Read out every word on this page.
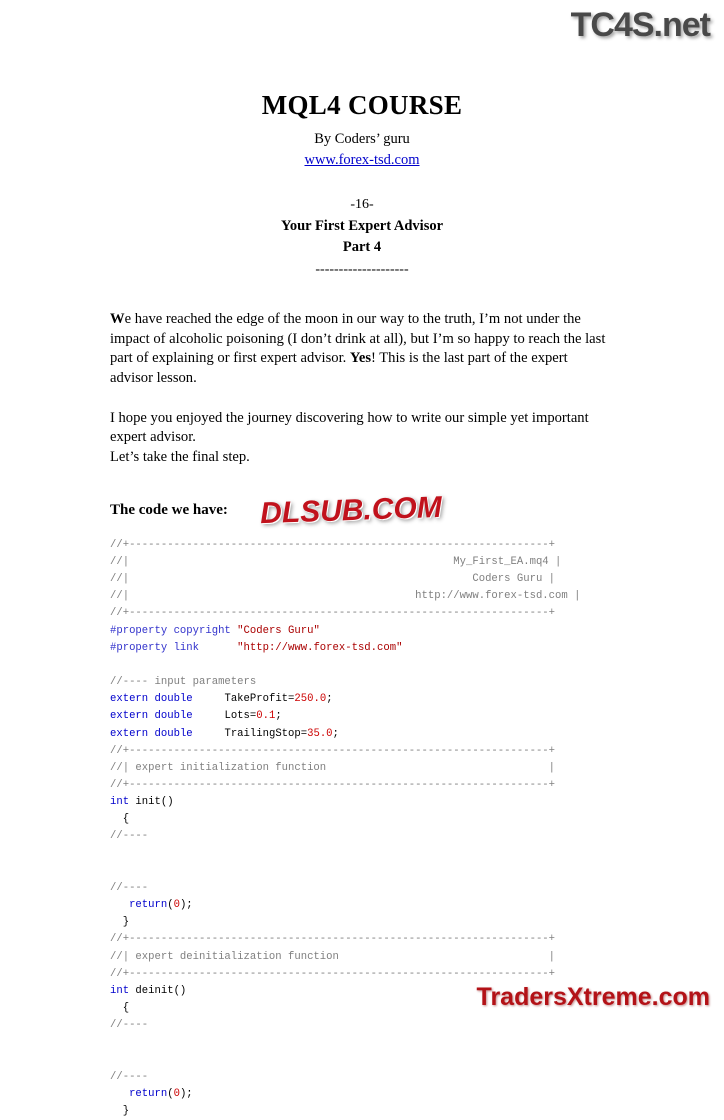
TC4S.net
MQL4 COURSE
By Coders’ guru
www.forex-tsd.com
-16-
Your First Expert Advisor
Part 4
--------------------

We have reached the edge of the moon in our way to the truth, I’m not under the impact of alcoholic poisoning (I don’t drink at all), but I’m so happy to reach the last part of explaining or first expert advisor. Yes! This is the last part of the expert advisor lesson.

I hope you enjoyed the journey discovering how to write our simple yet important expert advisor.

Let’s take the final step.

The code we have:
//+------------------------------------------------------------------+
//|                                                   My_First_EA.mq4 |
//|                                                      Coders Guru |
//|                                             http://www.forex-tsd.com |
//+------------------------------------------------------------------+
#property copyright "Coders Guru"
#property link      "http://www.forex-tsd.com"

//---- input parameters
extern double     TakeProfit=250.0;
extern double     Lots=0.1;
extern double     TrailingStop=35.0;
//+------------------------------------------------------------------+
//| expert initialization function                                   |
//+------------------------------------------------------------------+
int init()
{
//----

//----
return(0);
}
//+------------------------------------------------------------------+
//| expert deinitialization function                                 |
//+------------------------------------------------------------------+
int deinit()
{
//----

//----
return(0);
}
DLSUB.COM
TradersXtreme.com
